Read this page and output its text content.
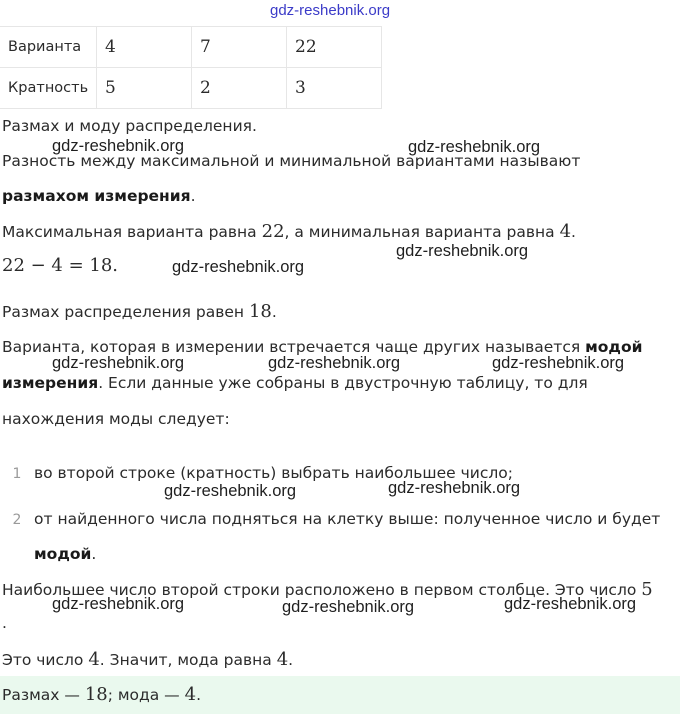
gdz-reshebnik.org
Варианта	4	7	22
Кратность	5	2	3
Размах и моду распределения.
gdz-reshebnik.org	gdz-reshebnik.org
Разность между максимальной и минимальной вариантами называют
размахом измерения.
Максимальная варианта равна 22, а минимальная варианта равна 4.
gdz-reshebnik.org
22 − 4 = 18.	gdz-reshebnik.org
Размах распределения равен 18.
Варианта, которая в измерении встречается чаще других называется модой
gdz-reshebnik.org	gdz-reshebnik.org	gdz-reshebnik.org
измерения. Если данные уже собраны в двустрочную таблицу, то для
нахождения моды следует:
1 во второй строке (кратность) выбрать наибольшее число;
gdz-reshebnik.org	gdz-reshebnik.org
2 от найденного числа подняться на клетку выше: полученное число и будет
модой.
Наибольшее число второй строки расположено в первом столбце. Это число 5
gdz-reshebnik.org	gdz-reshebnik.org	gdz-reshebnik.org
.
Это число 4. Значит, мода равна 4.
Размах — 18; мода — 4.
